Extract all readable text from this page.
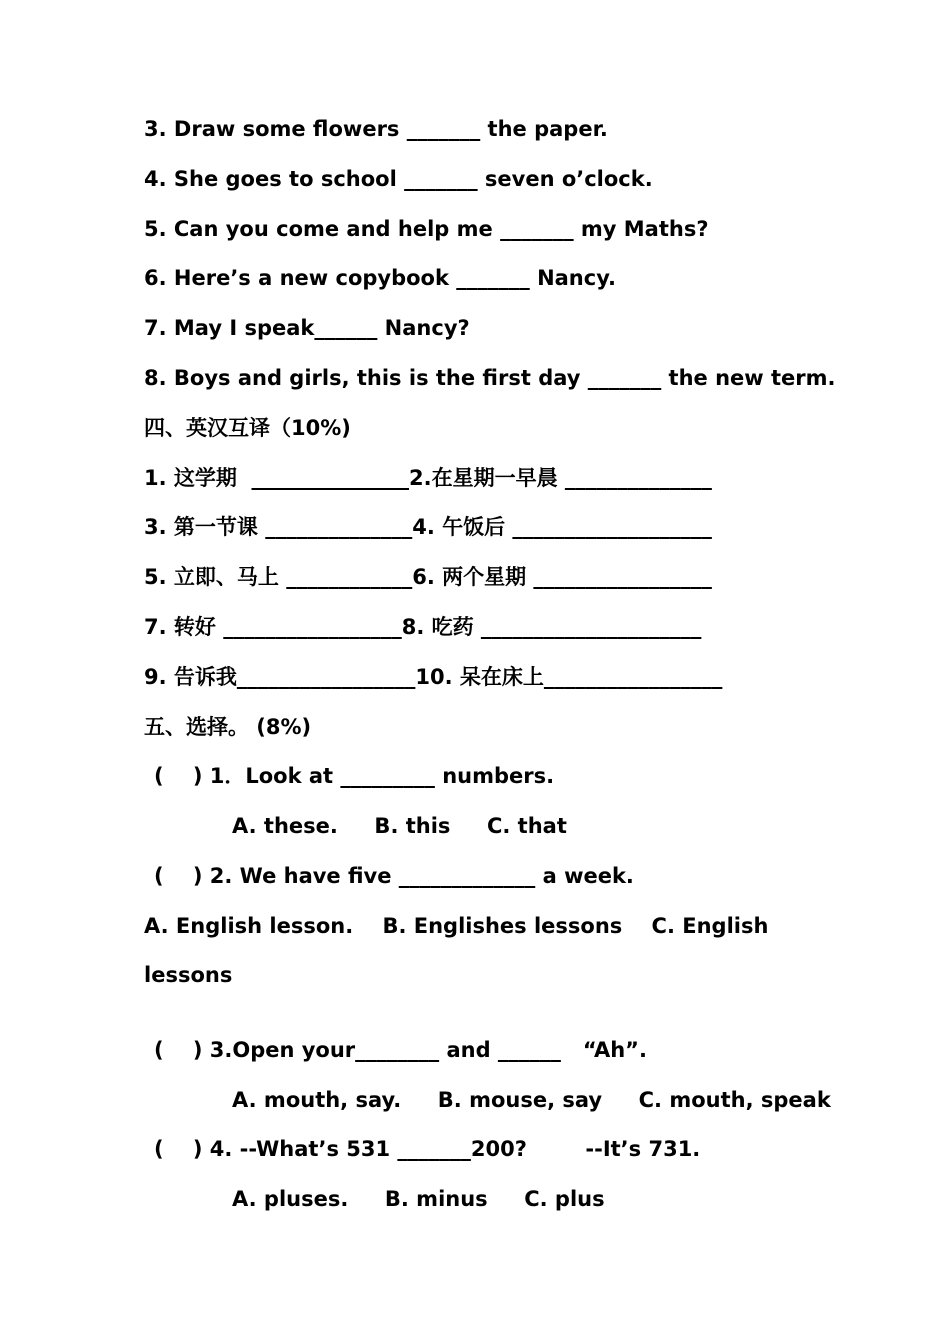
3. Draw some flowers _______ the paper.
4. She goes to school _______ seven o’clock.
5. Can you come and help me _______ my Maths?
6. Here’s a new copybook _______ Nancy.
7. May I speak______ Nancy?
8. Boys and girls, this is the first day _______ the new term.
四、英汉互译（10%)
1. 这学期  _______________2.在星期一早晨 ______________
3. 第一节课 ______________4. 午饭后 ___________________
5. 立即、马上 ____________6. 两个星期 _________________
7. 转好 _________________8. 吃药 _____________________
9. 告诉我_________________10. 呆在床上_________________
五、选择。 (8%)
(    ) 1．Look at _________ numbers.
A. these.     B. this     C. that
(    ) 2. We have five _____________ a week.
A. English lesson.    B. Englishes lessons    C. English
lessons
(    ) 3.Open your________ and ______   “Ah”.
A. mouth, say.     B. mouse, say     C. mouth, speak
(    ) 4. --What’s 531 _______200?        --It’s 731.
A. pluses.     B. minus     C. plus
